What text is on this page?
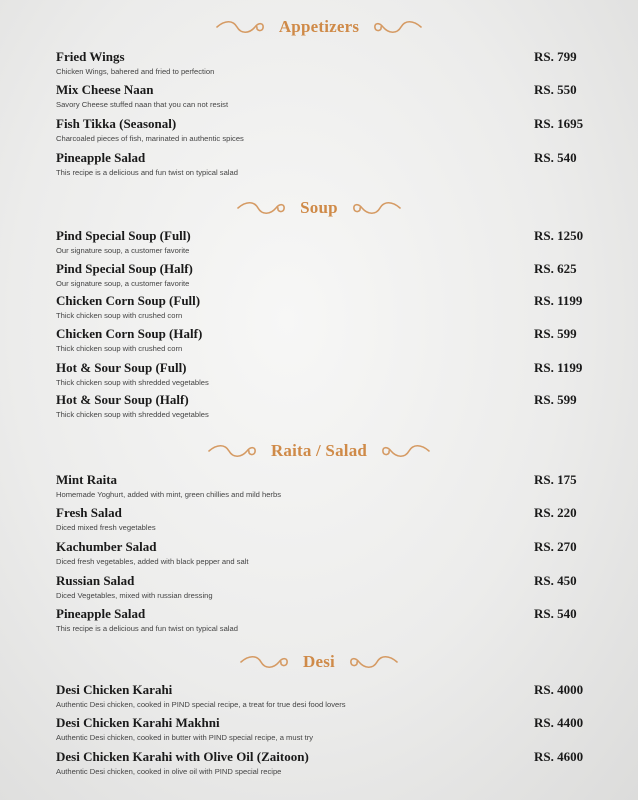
Appetizers
Fried Wings
Chicken Wings, bahered and fried to perfection
RS. 799
Mix Cheese Naan
Savory Cheese stuffed naan that you can not resist
RS. 550
Fish Tikka (Seasonal)
Charcoaled pieces of fish, marinated in authentic spices
RS. 1695
Pineapple Salad
This recipe is a delicious and fun twist on typical salad
RS. 540
Soup
Pind Special Soup (Full)
Our signature soup, a customer favorite
RS. 1250
Pind Special Soup (Half)
Our signature soup, a customer favorite
RS. 625
Chicken Corn Soup (Full)
Thick chicken soup with crushed corn
RS. 1199
Chicken Corn Soup (Half)
Thick chicken soup with crushed corn
RS. 599
Hot & Sour Soup (Full)
Thick chicken soup with shredded vegetables
RS. 1199
Hot & Sour Soup (Half)
Thick chicken soup with shredded vegetables
RS. 599
Raita / Salad
Mint Raita
Homemade Yoghurt, added with mint, green chillies and mild herbs
RS. 175
Fresh Salad
Diced mixed fresh vegetables
RS. 220
Kachumber Salad
Diced fresh vegetables, added with black pepper and salt
RS. 270
Russian Salad
Diced Vegetables, mixed with russian dressing
RS. 450
Pineapple Salad
This recipe is a delicious and fun twist on typical salad
RS. 540
Desi
Desi Chicken Karahi
Authentic Desi chicken, cooked in PIND special recipe, a treat for true desi food lovers
RS. 4000
Desi Chicken Karahi Makhni
Authentic Desi chicken, cooked in butter with PIND special recipe, a must try
RS. 4400
Desi Chicken Karahi with Olive Oil (Zaitoon)
Authentic Desi chicken, cooked in olive oil with PIND special recipe
RS. 4600
